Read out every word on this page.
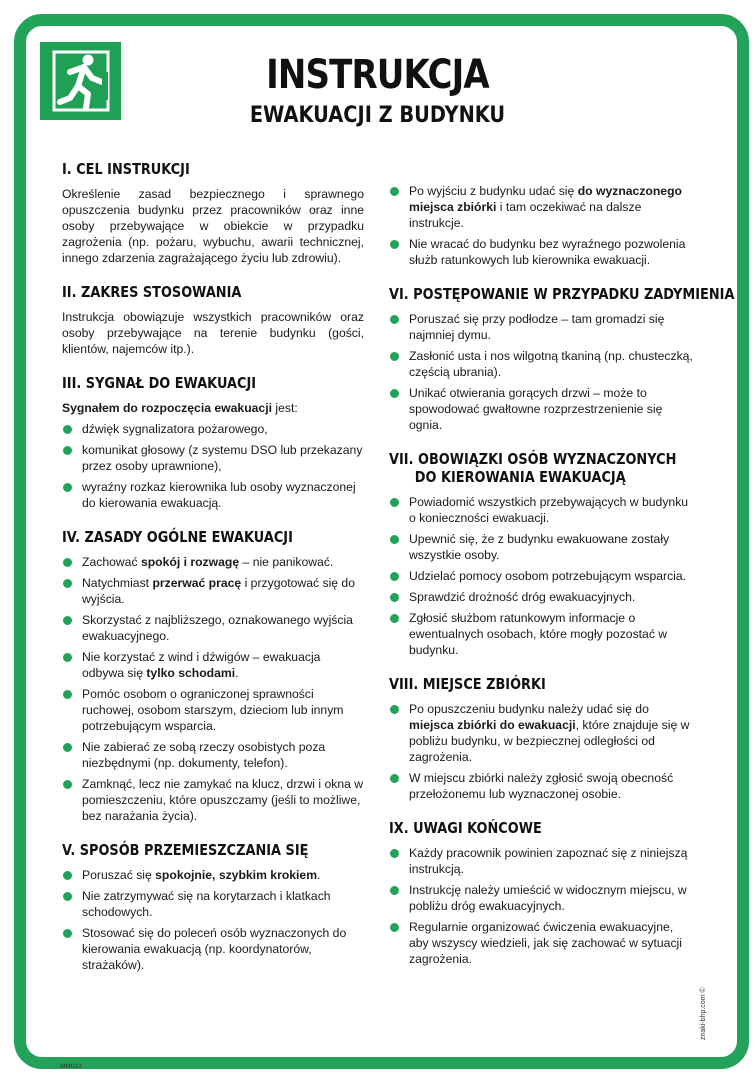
INSTRUKCJA
EWAKUACJI Z BUDYNKU
I. CEL INSTRUKCJI

Określenie zasad bezpiecznego i sprawnego opuszczenia budynku przez pracowników oraz inne osoby przebywające w obiekcie w przypadku zagrożenia (np. pożaru, wybuchu, awarii technicznej, innego zdarzenia zagrażającego życiu lub zdrowiu).

II. ZAKRES STOSOWANIA

Instrukcja obowiązuje wszystkich pracowników oraz osoby przebywające na terenie budynku (gości, klientów, najemców itp.).

III. SYGNAŁ DO EWAKUACJI
Sygnałem do rozpoczęcia ewakuacji jest:
dźwięk sygnalizatora pożarowego,
komunikat głosowy (z systemu DSO lub przekazany przez osoby uprawnione),
wyraźny rozkaz kierownika lub osoby wyznaczonej do kierowania ewakuacją.
IV. ZASADY OGÓLNE EWAKUACJI
Zachować spokój i rozwagę – nie panikować.
Natychmiast przerwać pracę i przygotować się do wyjścia.
Skorzystać z najbliższego, oznakowanego wyjścia ewakuacyjnego.
Nie korzystać z wind i dźwigów – ewakuacja odbywa się tylko schodami.
Pomóc osobom o ograniczonej sprawności ruchowej, osobom starszym, dzieciom lub innym potrzebującym wsparcia.
Nie zabierać ze sobą rzeczy osobistych poza niezbędnymi (np. dokumenty, telefon).
Zamknąć, lecz nie zamykać na klucz, drzwi i okna w pomieszczeniu, które opuszczamy (jeśli to możliwe, bez narażania życia).
V. SPOSÓB PRZEMIESZCZANIA SIĘ
Poruszać się spokojnie, szybkim krokiem.
Nie zatrzymywać się na korytarzach i klatkach schodowych.
Stosować się do poleceń osób wyznaczonych do kierowania ewakuacją (np. koordynatorów, strażaków).
Po wyjściu z budynku udać się do wyznaczonego miejsca zbiórki i tam oczekiwać na dalsze instrukcje.
Nie wracać do budynku bez wyraźnego pozwolenia służb ratunkowych lub kierownika ewakuacji.
VI. POSTĘPOWANIE W PRZYPADKU ZADYMIENIA
Poruszać się przy podłodze – tam gromadzi się najmniej dymu.
Zasłonić usta i nos wilgotną tkaniną (np. chusteczką, częścią ubrania).
Unikać otwierania gorących drzwi – może to spowodować gwałtowne rozprzestrzenienie się ognia.
VII. OBOWIĄZKI OSÓB WYZNACZONYCH
DO KIEROWANIA EWAKUACJĄ
Powiadomić wszystkich przebywających w budynku o konieczności ewakuacji.
Upewnić się, że z budynku ewakuowane zostały wszystkie osoby.
Udzielać pomocy osobom potrzebującym wsparcia.
Sprawdzić drożność dróg ewakuacyjnych.
Zgłosić służbom ratunkowym informacje o ewentualnych osobach, które mogły pozostać w budynku.
VIII. MIEJSCE ZBIÓRKI
Po opuszczeniu budynku należy udać się do miejsca zbiórki do ewakuacji, które znajduje się w pobliżu budynku, w bezpiecznej odległości od zagrożenia.
W miejscu zbiórki należy zgłosić swoją obecność przełożonemu lub wyznaczonej osobie.
IX. UWAGI KOŃCOWE
Każdy pracownik powinien zapoznać się z niniejszą instrukcją.
Instrukcję należy umieścić w widocznym miejscu, w pobliżu dróg ewakuacyjnych.
Regularnie organizować ćwiczenia ewakuacyjne, aby wszyscy wiedzieli, jak się zachować w sytuacji zagrożenia.
znaki-bhp.com ©
MM013
